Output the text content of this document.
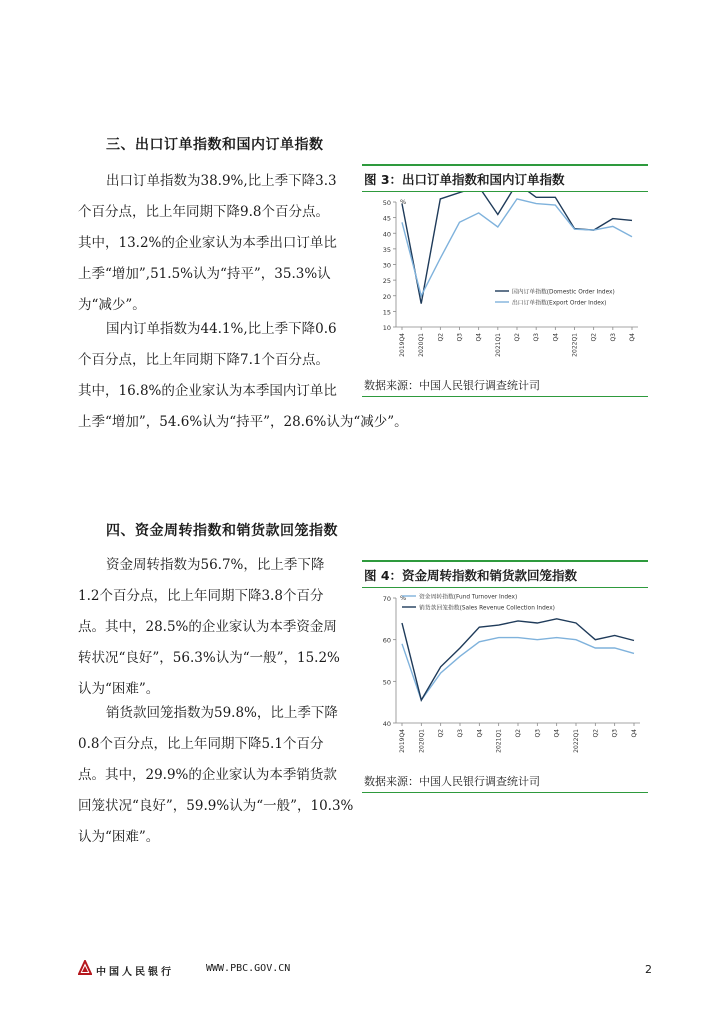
三、出口订单指数和国内订单指数
出口订单指数为38.9%,比上季下降3.3
个百分点，比上年同期下降9.8个百分点。
其中，13.2%的企业家认为本季出口订单比
上季“增加”,51.5%认为“持平”，35.3%认
为“减少”。
国内订单指数为44.1%,比上季下降0.6
个百分点，比上年同期下降7.1个百分点。
其中，16.8%的企业家认为本季国内订单比
上季“增加”，54.6%认为“持平”，28.6%认为“减少”。
图 3：出口订单指数和国内订单指数
10
15
20
25
30
35
40
45
50 %
2019Q4 2020Q1 Q2 Q3 Q4 2021Q1 Q2 Q3 Q4 2022Q1 Q2 Q3 Q4
国内订单指数(Domestic Order Index)
出口订单指数(Export Order Index)
数据来源：中国人民银行调查统计司
四、资金周转指数和销货款回笼指数
资金周转指数为56.7%，比上季下降
1.2个百分点，比上年同期下降3.8个百分
点。其中，28.5%的企业家认为本季资金周
转状况“良好”，56.3%认为“一般”，15.2%
认为“困难”。
销货款回笼指数为59.8%，比上季下降
0.8个百分点，比上年同期下降5.1个百分
点。其中，29.9%的企业家认为本季销货款
回笼状况“良好”，59.9%认为“一般”，10.3%
认为“困难”。
图 4：资金周转指数和销货款回笼指数
40
50
60
70 %
2019Q4 2020Q1 Q2 Q3 Q4 2021Q1 Q2 Q3 Q4 2022Q1 Q2 Q3 Q4
资金周转指数(Fund Turnover Index)
销货款回笼指数(Sales Revenue Collection Index)
数据来源：中国人民银行调查统计司
中国人民银行	WWW.PBC.GOV.CN	2
